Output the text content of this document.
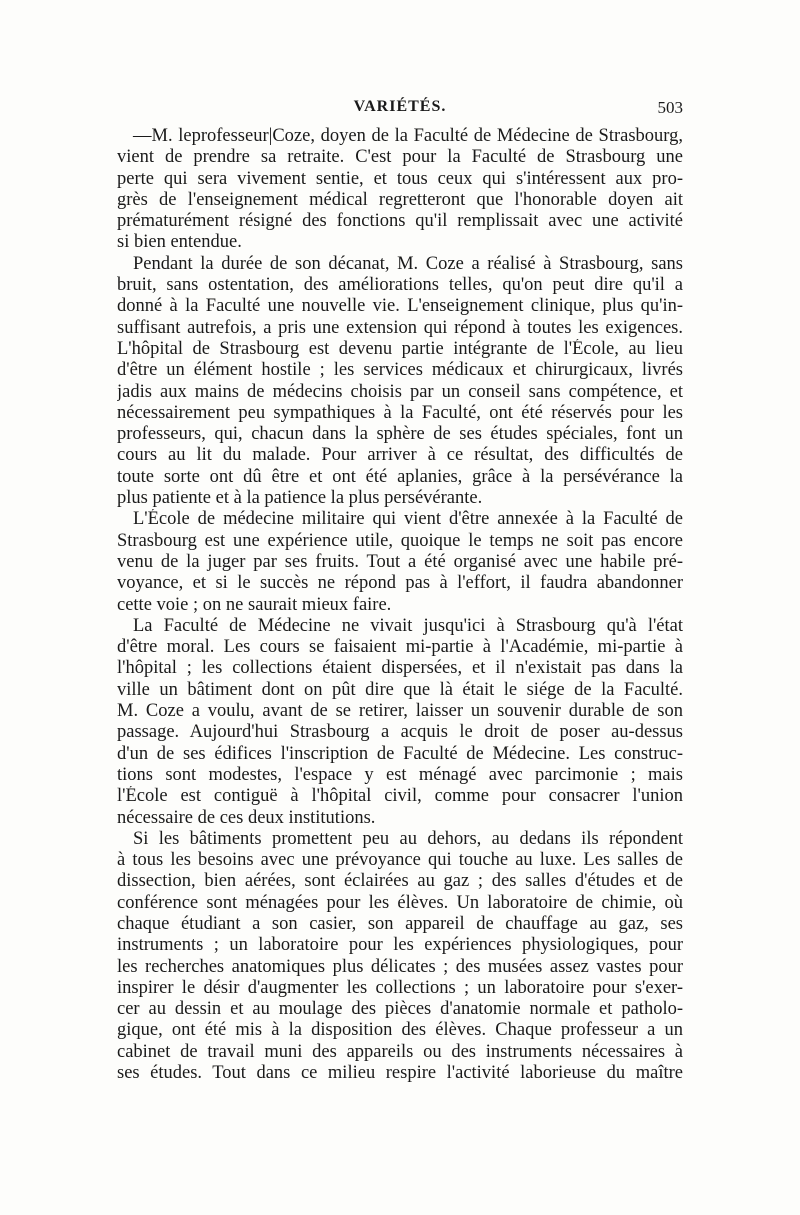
VARIÉTÉS.	503
—M. leprofesseur|Coze, doyen de la Faculté de Médecine de Strasbourg,
vient de prendre sa retraite. C'est pour la Faculté de Strasbourg une
perte qui sera vivement sentie, et tous ceux qui s'intéressent aux pro-
grès de l'enseignement médical regretteront que l'honorable doyen ait
prématurément résigné des fonctions qu'il remplissait avec une activité
si bien entendue.
Pendant la durée de son décanat, M. Coze a réalisé à Strasbourg, sans
bruit, sans ostentation, des améliorations telles, qu'on peut dire qu'il a
donné à la Faculté une nouvelle vie. L'enseignement clinique, plus qu'in-
suffisant autrefois, a pris une extension qui répond à toutes les exigences.
L'hôpital de Strasbourg est devenu partie intégrante de l'École, au lieu
d'être un élément hostile ; les services médicaux et chirurgicaux, livrés
jadis aux mains de médecins choisis par un conseil sans compétence, et
nécessairement peu sympathiques à la Faculté, ont été réservés pour les
professeurs, qui, chacun dans la sphère de ses études spéciales, font un
cours au lit du malade. Pour arriver à ce résultat, des difficultés de
toute sorte ont dû être et ont été aplanies, grâce à la persévérance la
plus patiente et à la patience la plus persévérante.
L'École de médecine militaire qui vient d'être annexée à la Faculté de
Strasbourg est une expérience utile, quoique le temps ne soit pas encore
venu de la juger par ses fruits. Tout a été organisé avec une habile pré-
voyance, et si le succès ne répond pas à l'effort, il faudra abandonner
cette voie ; on ne saurait mieux faire.
La Faculté de Médecine ne vivait jusqu'ici à Strasbourg qu'à l'état
d'être moral. Les cours se faisaient mi-partie à l'Académie, mi-partie à
l'hôpital ; les collections étaient dispersées, et il n'existait pas dans la
ville un bâtiment dont on pût dire que là était le siége de la Faculté.
M. Coze a voulu, avant de se retirer, laisser un souvenir durable de son
passage. Aujourd'hui Strasbourg a acquis le droit de poser au-dessus
d'un de ses édifices l'inscription de Faculté de Médecine. Les construc-
tions sont modestes, l'espace y est ménagé avec parcimonie ; mais
l'École est contiguë à l'hôpital civil, comme pour consacrer l'union
nécessaire de ces deux institutions.
Si les bâtiments promettent peu au dehors, au dedans ils répondent
à tous les besoins avec une prévoyance qui touche au luxe. Les salles de
dissection, bien aérées, sont éclairées au gaz ; des salles d'études et de
conférence sont ménagées pour les élèves. Un laboratoire de chimie, où
chaque étudiant a son casier, son appareil de chauffage au gaz, ses
instruments ; un laboratoire pour les expériences physiologiques, pour
les recherches anatomiques plus délicates ; des musées assez vastes pour
inspirer le désir d'augmenter les collections ; un laboratoire pour s'exer-
cer au dessin et au moulage des pièces d'anatomie normale et patholo-
gique, ont été mis à la disposition des élèves. Chaque professeur a un
cabinet de travail muni des appareils ou des instruments nécessaires à
ses études. Tout dans ce milieu respire l'activité laborieuse du maître
